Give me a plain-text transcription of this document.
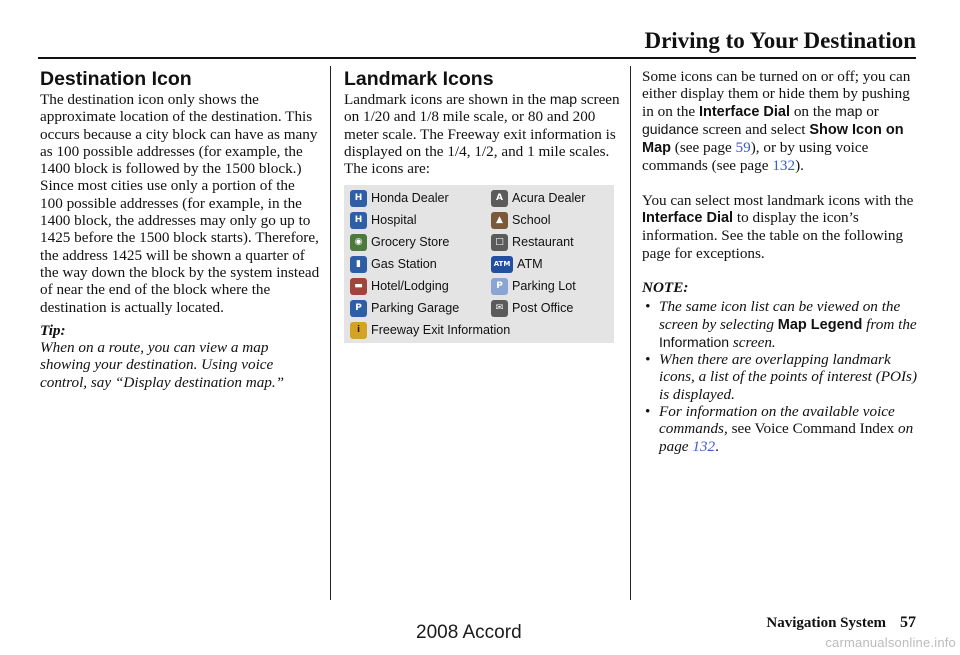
Driving to Your Destination
Destination Icon

The destination icon only shows the approximate location of the destination. This occurs because a city block can have as many as 100 possible addresses (for example, the 1400 block is followed by the 1500 block.) Since most cities use only a portion of the 100 possible addresses (for example, in the 1400 block, the addresses may only go up to 1425 before the 1500 block starts). Therefore, the address 1425 will be shown a quarter of the way down the block by the system instead of near the end of the block where the destination is actually located.

Tip:

When on a route, you can view a map showing your destination. Using voice control, say “Display destination map.”

Landmark Icons

Landmark icons are shown in the map screen on 1/20 and 1/8 mile scale, or 80 and 200 meter scale. The Freeway exit information is displayed on the 1/4, 1/2, and 1 mile scales. The icons are:

H Honda Dealer	A Acura Dealer
H Hospital	▲ School
◉ Grocery Store	□ Restaurant
▮ Gas Station	ATM ATM
▬ Hotel/Lodging	P Parking Lot
P Parking Garage	✉ Post Office
i Freeway Exit Information

Some icons can be turned on or off; you can either display them or hide them by pushing in on the Interface Dial on the map or guidance screen and select Show Icon on Map (see page 59), or by using voice commands (see page 132).

You can select most landmark icons with the Interface Dial to display the icon’s information. See the table on the following page for exceptions.

NOTE:

• The same icon list can be viewed on the screen by selecting Map Legend from the Information screen.
• When there are overlapping landmark icons, a list of the points of interest (POIs) is displayed.
• For information on the available voice commands, see Voice Command Index on page 132.
Navigation System 57
2008 Accord	carmanualsonline.info
